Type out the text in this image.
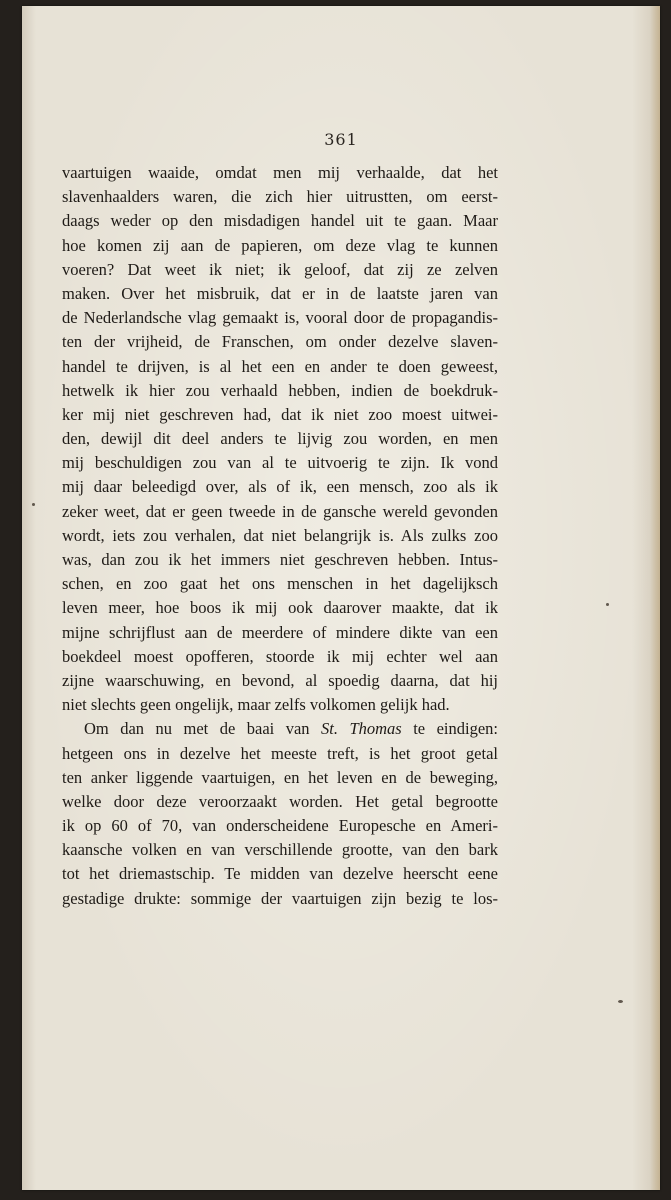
361
vaartuigen waaide, omdat men mij verhaalde, dat het
slavenhaalders waren, die zich hier uitrustten, om eerst-
daags weder op den misdadigen handel uit te gaan. Maar
hoe komen zij aan de papieren, om deze vlag te kunnen
voeren? Dat weet ik niet; ik geloof, dat zij ze zelven
maken. Over het misbruik, dat er in de laatste jaren van
de Nederlandsche vlag gemaakt is, vooral door de propagandis-
ten der vrijheid, de Franschen, om onder dezelve slaven-
handel te drijven, is al het een en ander te doen geweest,
hetwelk ik hier zou verhaald hebben, indien de boekdruk-
ker mij niet geschreven had, dat ik niet zoo moest uitwei-
den, dewijl dit deel anders te lijvig zou worden, en men
mij beschuldigen zou van al te uitvoerig te zijn. Ik vond
mij daar beleedigd over, als of ik, een mensch, zoo als ik
zeker weet, dat er geen tweede in de gansche wereld gevonden
wordt, iets zou verhalen, dat niet belangrijk is. Als zulks zoo
was, dan zou ik het immers niet geschreven hebben. Intus-
schen, en zoo gaat het ons menschen in het dagelijksch
leven meer, hoe boos ik mij ook daarover maakte, dat ik
mijne schrijflust aan de meerdere of mindere dikte van een
boekdeel moest opofferen, stoorde ik mij echter wel aan
zijne waarschuwing, en bevond, al spoedig daarna, dat hij
niet slechts geen ongelijk, maar zelfs volkomen gelijk had.
Om dan nu met de baai van St. Thomas te eindigen:
hetgeen ons in dezelve het meeste treft, is het groot getal
ten anker liggende vaartuigen, en het leven en de beweging,
welke door deze veroorzaakt worden. Het getal begrootte
ik op 60 of 70, van onderscheidene Europesche en Ameri-
kaansche volken en van verschillende grootte, van den bark
tot het driemastschip. Te midden van dezelve heerscht eene
gestadige drukte: sommige der vaartuigen zijn bezig te los-
